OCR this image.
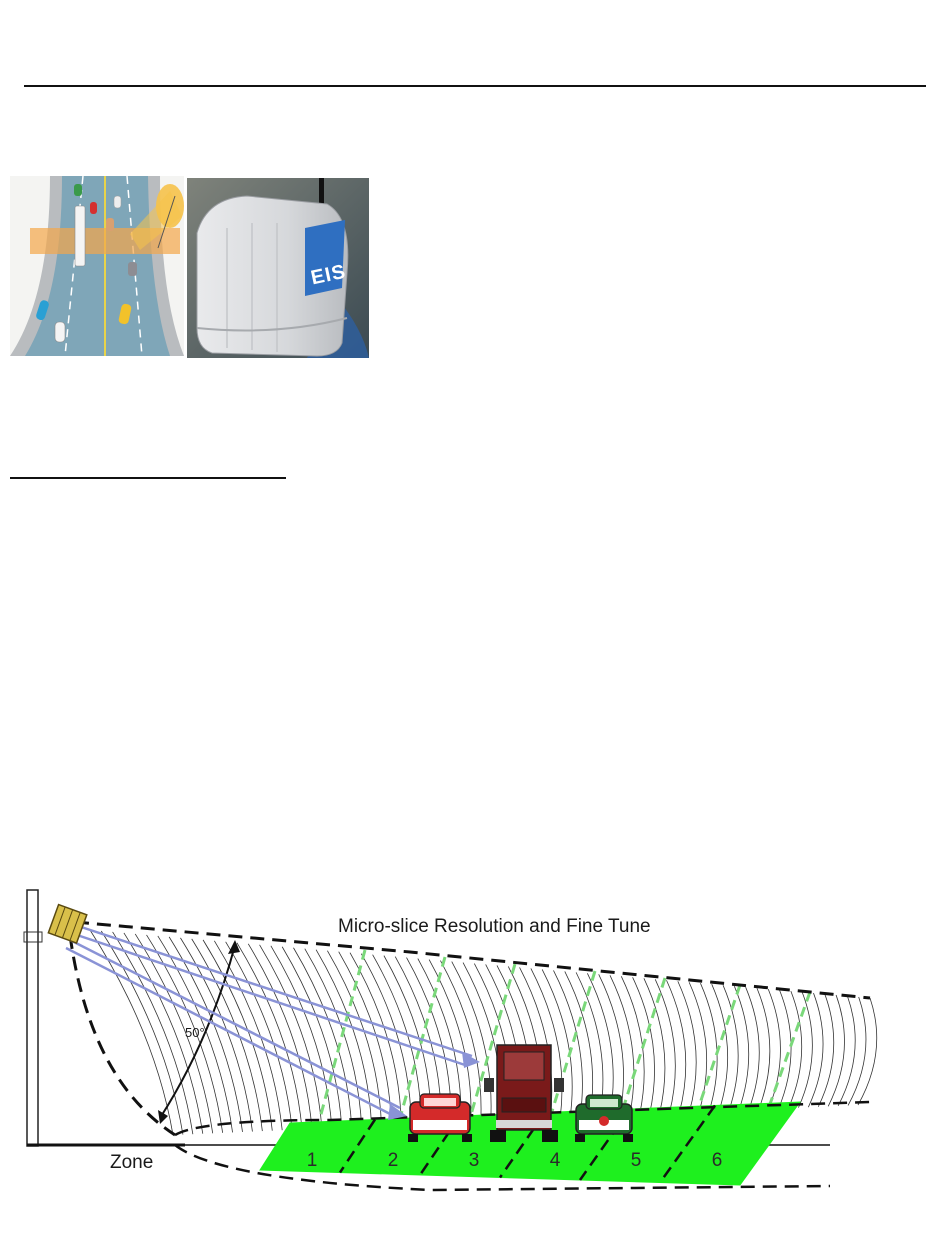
EIS
Micro-slice Resolution and Fine Tune
50°
Zone	1	2	3	4	5	6
